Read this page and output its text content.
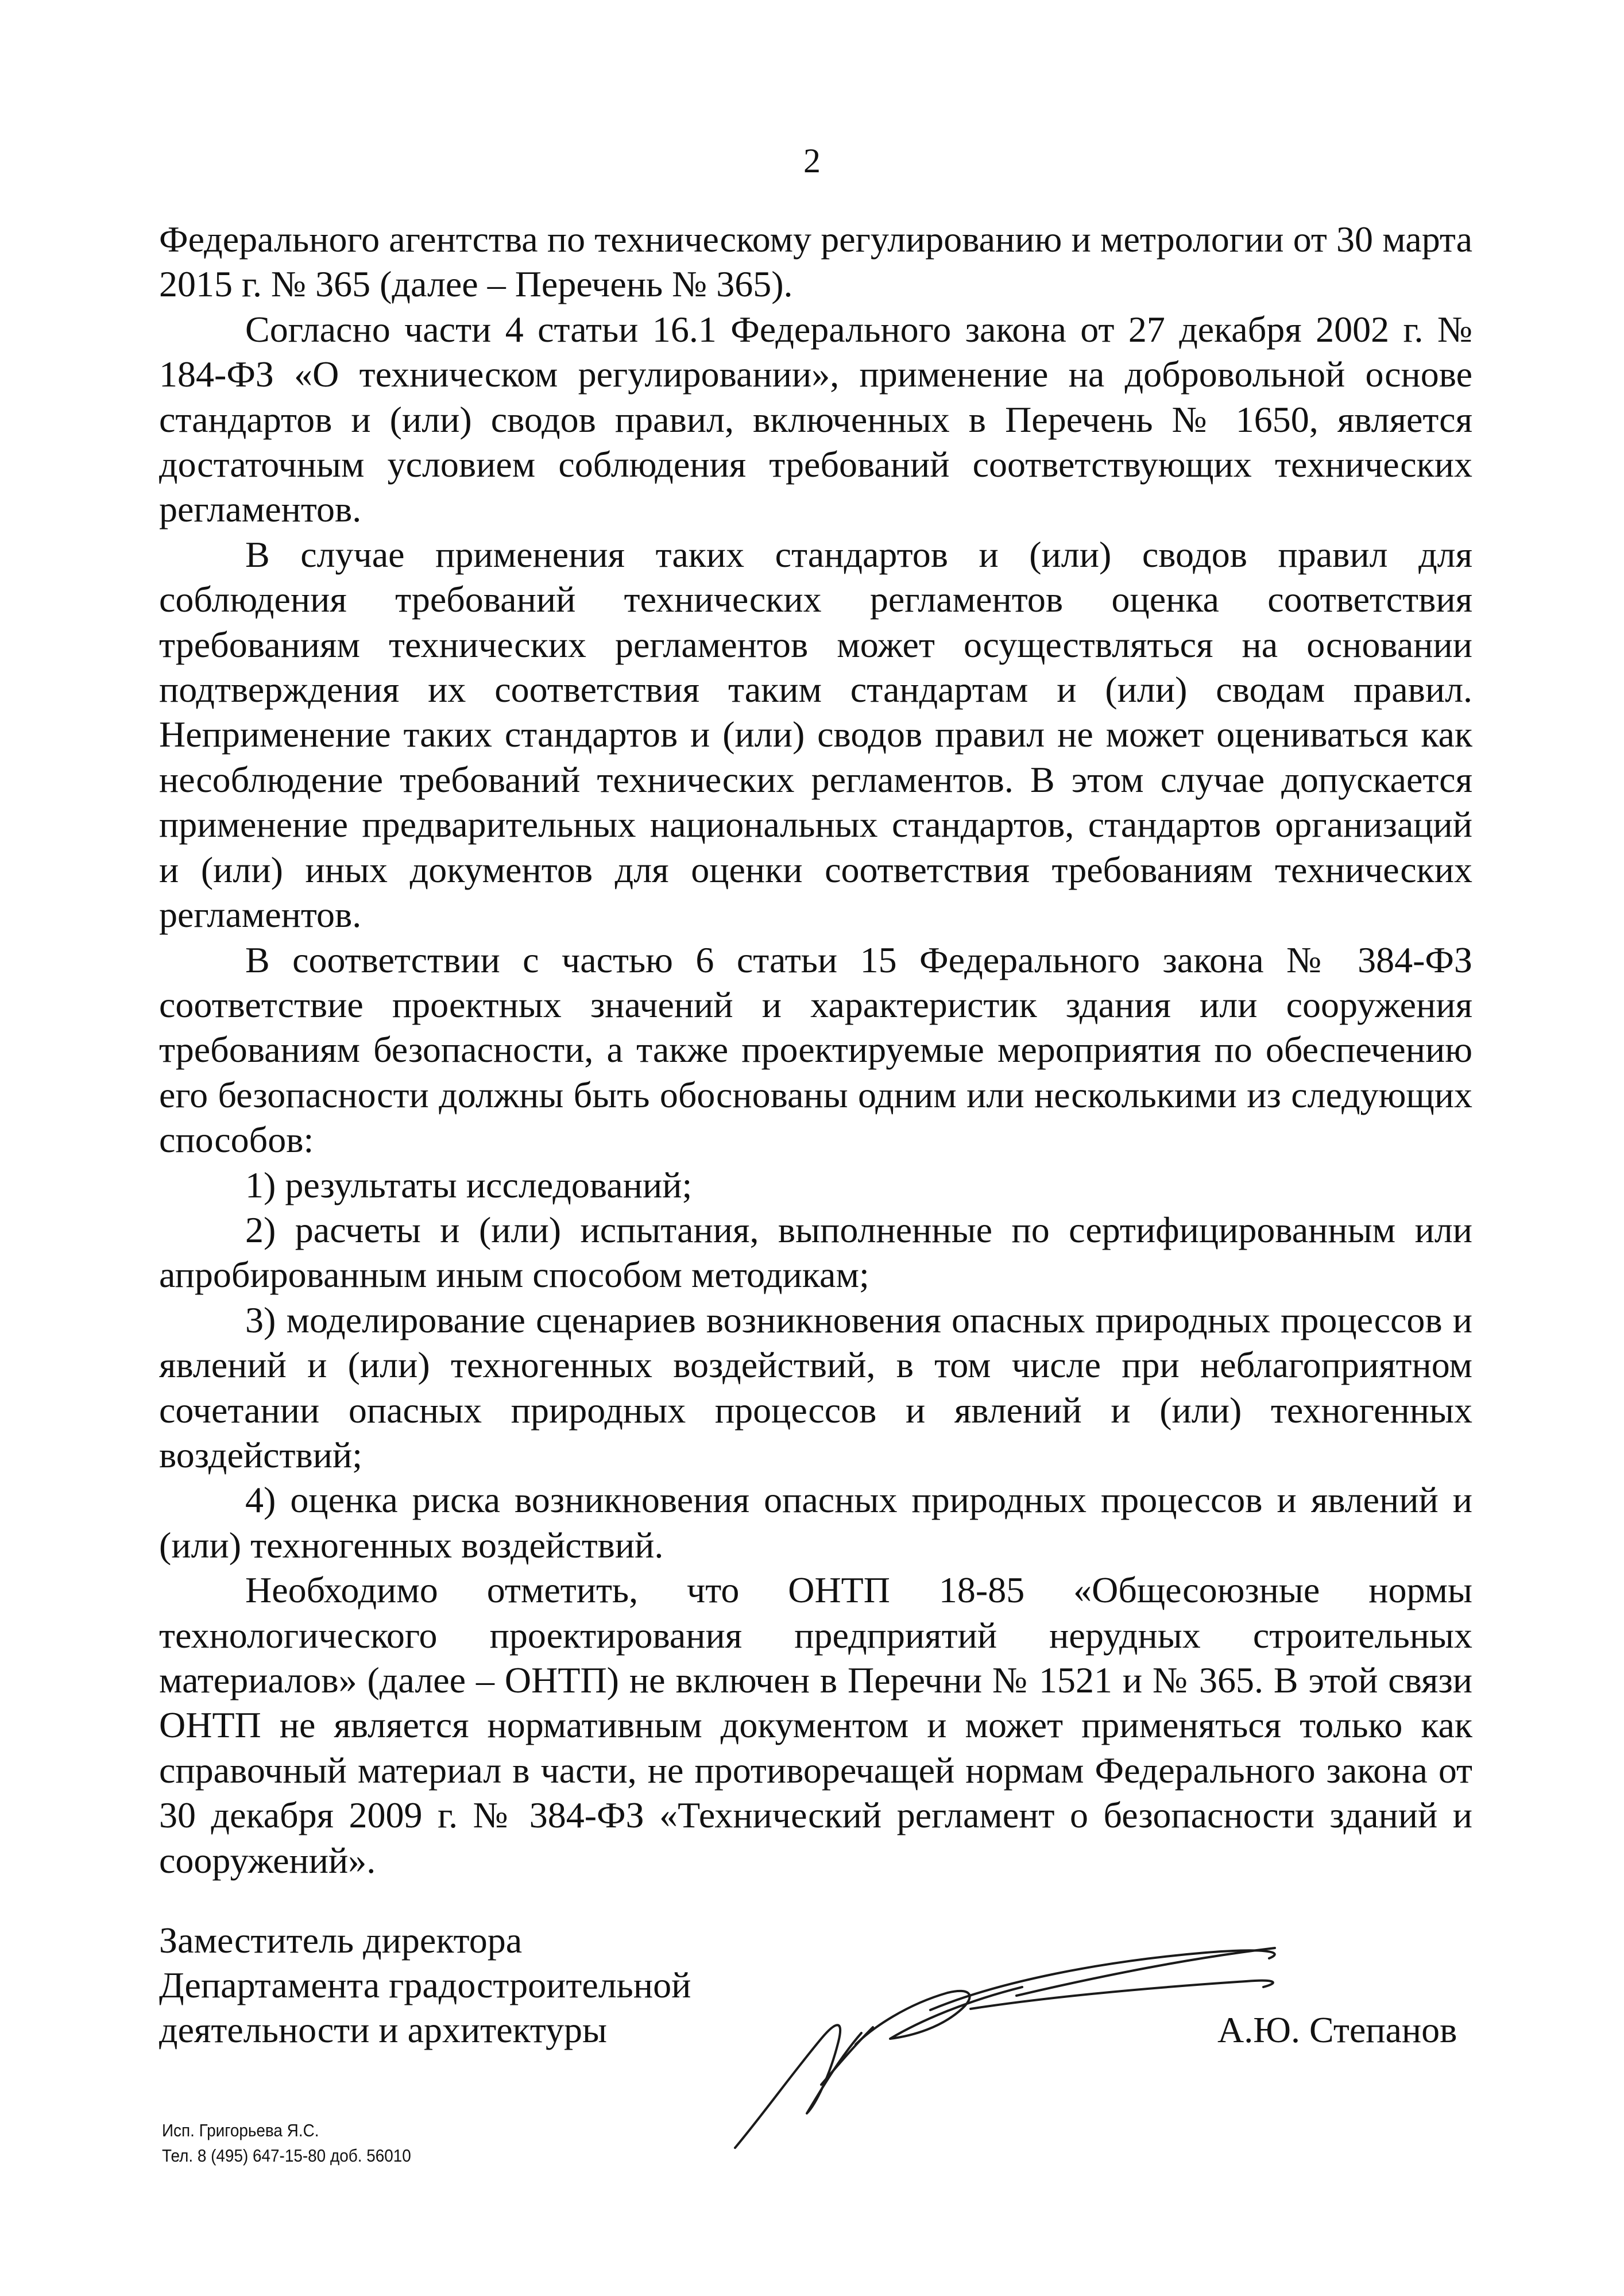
2

Федерального агентства по техническому регулированию и метрологии от 30 марта 2015 г. № 365 (далее – Перечень № 365).

Согласно части 4 статьи 16.1 Федерального закона от 27 декабря 2002 г. № 184-ФЗ «О техническом регулировании», применение на добровольной основе стандартов и (или) сводов правил, включенных в Перечень № 1650, является достаточным условием соблюдения требований соответствующих технических регламентов.

В случае применения таких стандартов и (или) сводов правил для соблюдения требований технических регламентов оценка соответствия требованиям технических регламентов может осуществляться на основании подтверждения их соответствия таким стандартам и (или) сводам правил. Неприменение таких стандартов и (или) сводов правил не может оцениваться как несоблюдение требований технических регламентов. В этом случае допускается применение предварительных национальных стандартов, стандартов организаций и (или) иных документов для оценки соответствия требованиям технических регламентов.

В соответствии с частью 6 статьи 15 Федерального закона № 384-ФЗ соответствие проектных значений и характеристик здания или сооружения требованиям безопасности, а также проектируемые мероприятия по обеспечению его безопасности должны быть обоснованы одним или несколькими из следующих способов:

1) результаты исследований;

2) расчеты и (или) испытания, выполненные по сертифицированным или апробированным иным способом методикам;

3) моделирование сценариев возникновения опасных природных процессов и явлений и (или) техногенных воздействий, в том числе при неблагоприятном сочетании опасных природных процессов и явлений и (или) техногенных воздействий;

4) оценка риска возникновения опасных природных процессов и явлений и (или) техногенных воздействий.

Необходимо отметить, что ОНТП 18-85 «Общесоюзные нормы технологического проектирования предприятий нерудных строительных материалов» (далее – ОНТП) не включен в Перечни № 1521 и № 365. В этой связи ОНТП не является нормативным документом и может применяться только как справочный материал в части, не противоречащей нормам Федерального закона от 30 декабря 2009 г. № 384-ФЗ «Технический регламент о безопасности зданий и сооружений».

Заместитель директора
Департамента градостроительной
деятельности и архитектуры	А.Ю. Степанов
Исп. Григорьева Я.С.
Тел. 8 (495) 647-15-80 доб. 56010
